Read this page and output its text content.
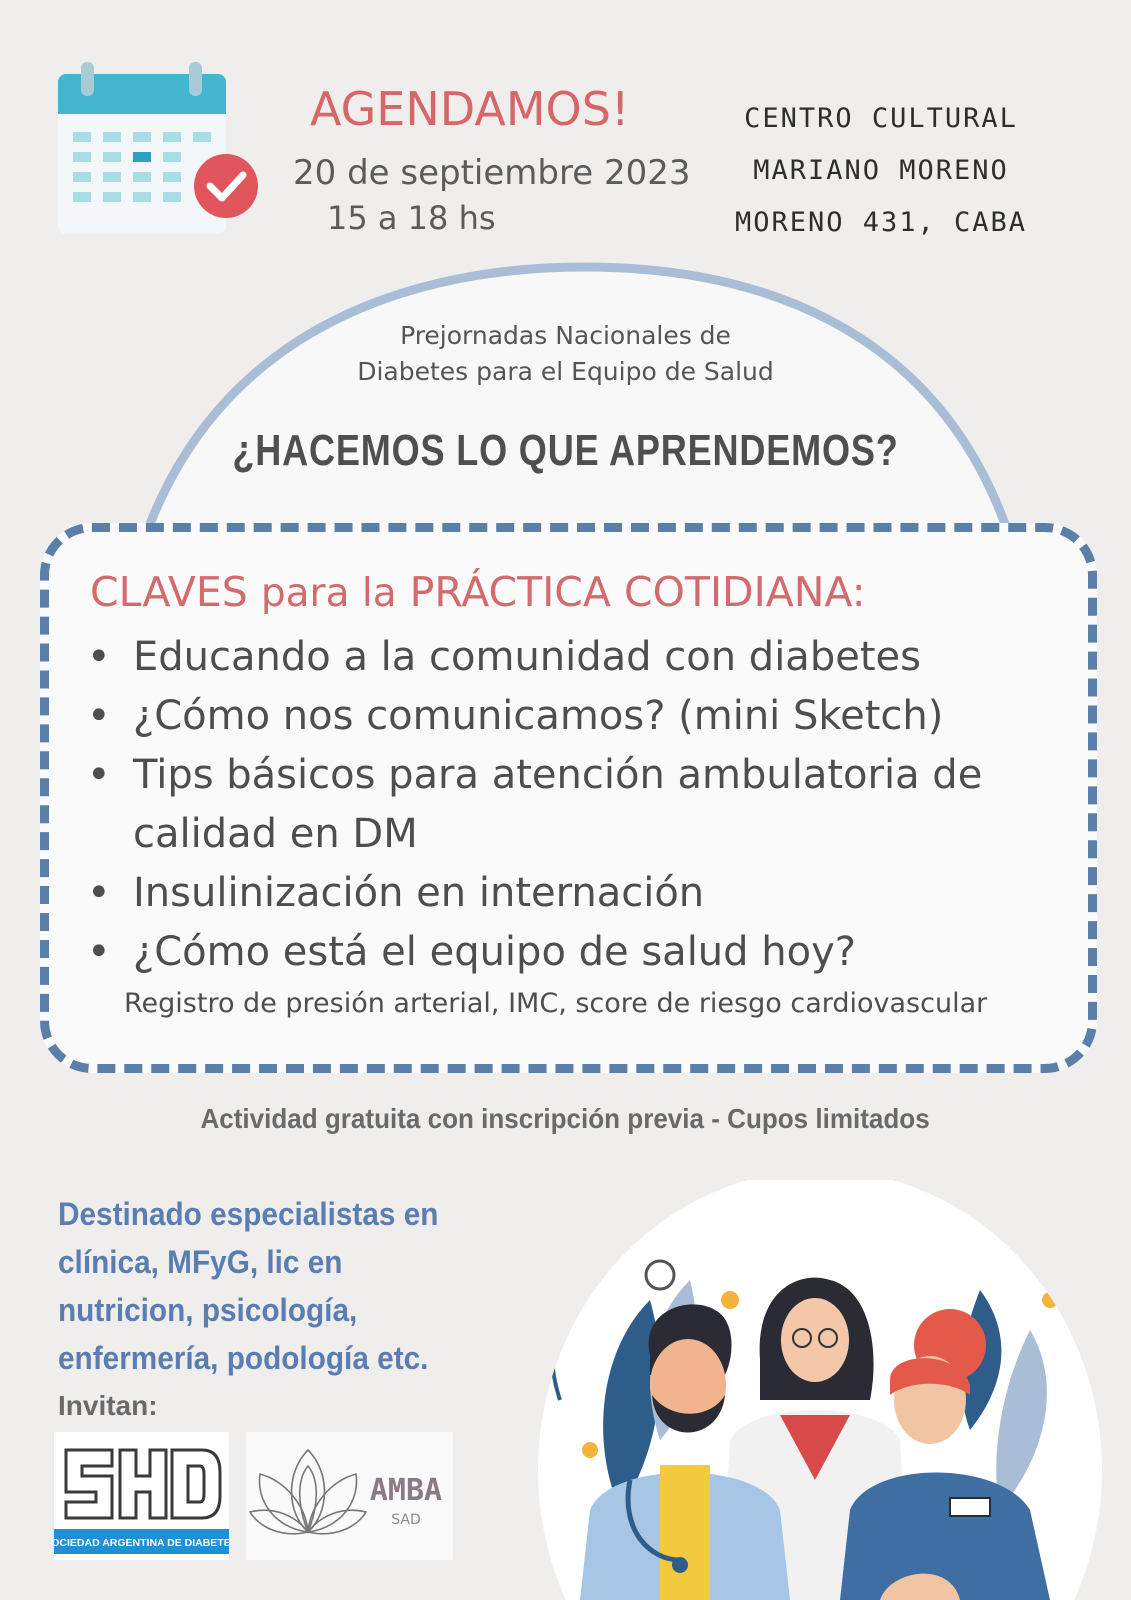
AGENDAMOS!
20 de septiembre 2023
15 a 18 hs
CENTRO CULTURAL
MARIANO MORENO
MORENO 431, CABA
Prejornadas Nacionales de
Diabetes para el Equipo de Salud
¿HACEMOS LO QUE APRENDEMOS?
CLAVES para la PRÁCTICA COTIDIANA:
• Educando a la comunidad con diabetes
• ¿Cómo nos comunicamos? (mini Sketch)
• Tips básicos para atención ambulatoria de calidad en DM
• Insulinización en internación
• ¿Cómo está el equipo de salud hoy?
Registro de presión arterial, IMC, score de riesgo cardiovascular
Actividad gratuita con inscripción previa - Cupos limitados
Destinado especialistas en clínica, MFyG, lic en nutricion, psicología, enfermería, podología etc.
Invitan:
SOCIEDAD ARGENTINA DE DIABETES
AMBA
SAD
